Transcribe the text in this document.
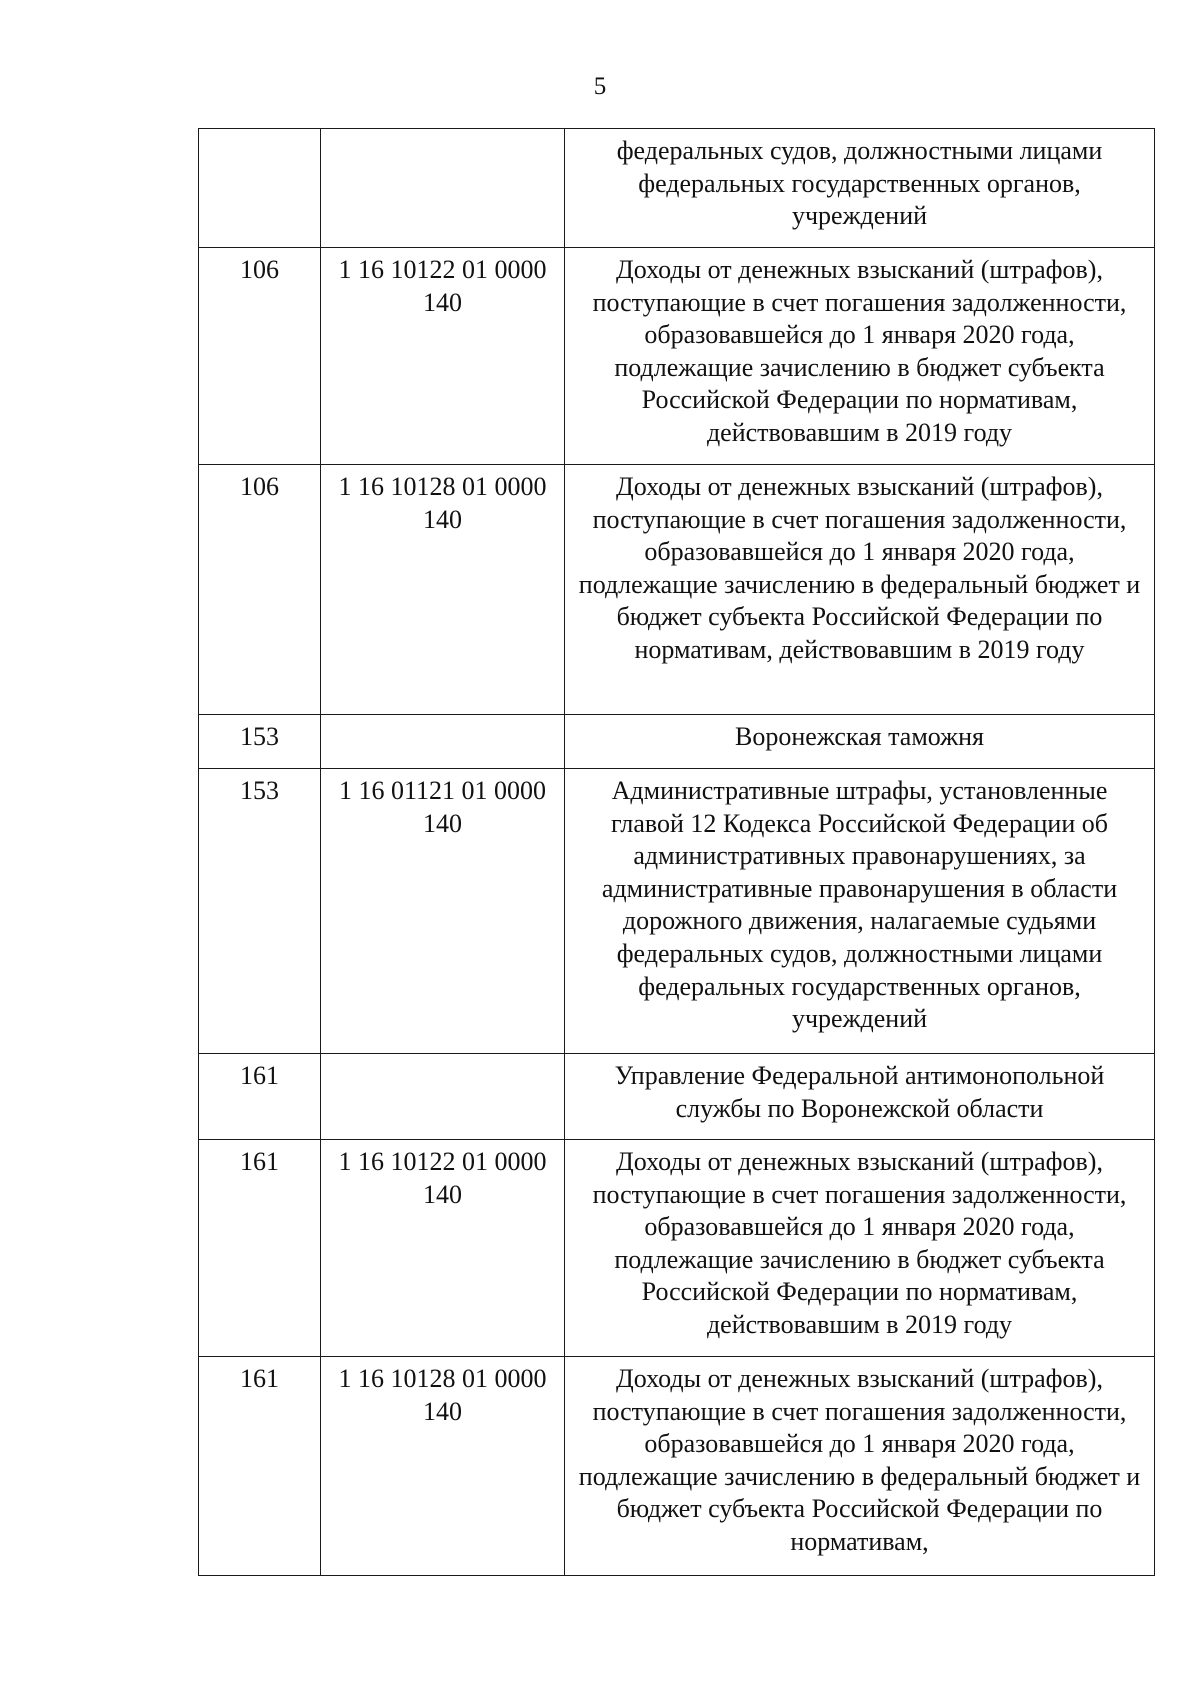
5
		федеральных судов, должностными лицами федеральных государственных органов, учреждений
106	1 16 10122 01 0000 140	Доходы от денежных взысканий (штрафов), поступающие в счет погашения задолженности, образовавшейся до 1 января 2020 года, подлежащие зачислению в бюджет субъекта Российской Федерации по нормативам, действовавшим в 2019 году
106	1 16 10128 01 0000 140	Доходы от денежных взысканий (штрафов), поступающие в счет погашения задолженности, образовавшейся до 1 января 2020 года, подлежащие зачислению в федеральный бюджет и бюджет субъекта Российской Федерации по нормативам, действовавшим в 2019 году
153		Воронежская таможня
153	1 16 01121 01 0000 140	Административные штрафы, установленные главой 12 Кодекса Российской Федерации об административных правонарушениях, за административные правонарушения в области дорожного движения, налагаемые судьями федеральных судов, должностными лицами федеральных государственных органов, учреждений
161		Управление Федеральной антимонопольной службы по Воронежской области
161	1 16 10122 01 0000 140	Доходы от денежных взысканий (штрафов), поступающие в счет погашения задолженности, образовавшейся до 1 января 2020 года, подлежащие зачислению в бюджет субъекта Российской Федерации по нормативам, действовавшим в 2019 году
161	1 16 10128 01 0000 140	Доходы от денежных взысканий (штрафов), поступающие в счет погашения задолженности, образовавшейся до 1 января 2020 года, подлежащие зачислению в федеральный бюджет и бюджет субъекта Российской Федерации по нормативам,
